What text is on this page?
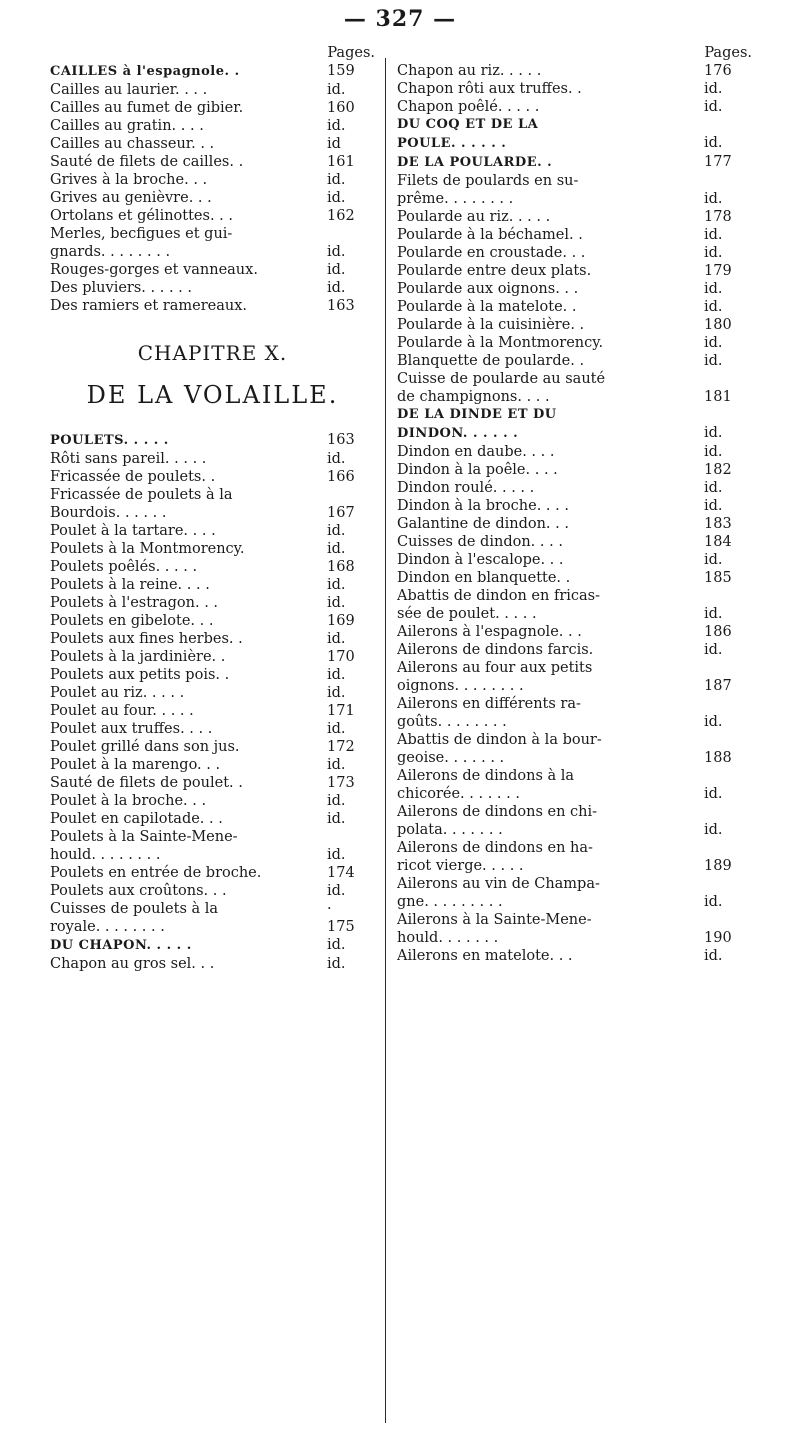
— 327 —
Pages.
CAILLES à l'espagnole. .	159
Cailles au laurier. . . .	id.
Cailles au fumet de gibier.	160
Cailles au gratin. . . .	id.
Cailles au chasseur. . .	id
Sauté de filets de cailles. .	161
Grives à la broche. . .	id.
Grives au genièvre. . .	id.
Ortolans et gélinottes. . .	162
Merles, becfigues et gui-
gnards. . . . . . . .	id.
Rouges-gorges et vanneaux.	id.
Des pluviers. . . . . .	id.
Des ramiers et ramereaux.	163
CHAPITRE X.
DE LA VOLAILLE.
POULETS. . . . .	163
Rôti sans pareil. . . . .	id.
Fricassée de poulets. .	166
Fricassée de poulets à la
Bourdois. . . . . .	167
Poulet à la tartare. . . .	id.
Poulets à la Montmorency.	id.
Poulets poêlés. . . . .	168
Poulets à la reine. . . .	id.
Poulets à l'estragon. . .	id.
Poulets en gibelote. . .	169
Poulets aux fines herbes. .	id.
Poulets à la jardinière. .	170
Poulets aux petits pois. .	id.
Poulet au riz. . . . .	id.
Poulet au four. . . . .	171
Poulet aux truffes. . . .	id.
Poulet grillé dans son jus.	172
Poulet à la marengo. . .	id.
Sauté de filets de poulet. .	173
Poulet à la broche. . .	id.
Poulet en capilotade. . .	id.
Poulets à la Sainte-Mene-
hould. . . . . . . .	id.
Poulets en entrée de broche.	174
Poulets aux croûtons. . .	id.
Cuisses de poulets à la	·
royale. . . . . . . .	175
DU CHAPON. . . . .	id.
Chapon au gros sel. . .	id.
Pages.
Chapon au riz. . . . .	176
Chapon rôti aux truffes. .	id.
Chapon poêlé. . . . .	id.
DU COQ ET DE LA
POULE. . . . . .	id.
DE LA POULARDE. .	177
Filets de poulards en su-
prême. . . . . . . .	id.
Poularde au riz. . . . .	178
Poularde à la béchamel. .	id.
Poularde en croustade. . .	id.
Poularde entre deux plats.	179
Poularde aux oignons. . .	id.
Poularde à la matelote. .	id.
Poularde à la cuisinière. .	180
Poularde à la Montmorency.	id.
Blanquette de poularde. .	id.
Cuisse de poularde au sauté
de champignons. . . .	181
DE LA DINDE ET DU
DINDON. . . . . .	id.
Dindon en daube. . . .	id.
Dindon à la poêle. . . .	182
Dindon roulé. . . . .	id.
Dindon à la broche. . . .	id.
Galantine de dindon. . .	183
Cuisses de dindon. . . .	184
Dindon à l'escalope. . .	id.
Dindon en blanquette. .	185
Abattis de dindon en fricas-
sée de poulet. . . . .	id.
Ailerons à l'espagnole. . .	186
Ailerons de dindons farcis.	id.
Ailerons au four aux petits
oignons. . . . . . . .	187
Ailerons en différents ra-
goûts. . . . . . . .	id.
Abattis de dindon à la bour-
geoise. . . . . . .	188
Ailerons de dindons à la
chicorée. . . . . . .	id.
Ailerons de dindons en chi-
polata. . . . . . .	id.
Ailerons de dindons en ha-
ricot vierge. . . . .	189
Ailerons au vin de Champa-
gne. . . . . . . . .	id.
Ailerons à la Sainte-Mene-
hould. . . . . . .	190
Ailerons en matelote. . .	id.
